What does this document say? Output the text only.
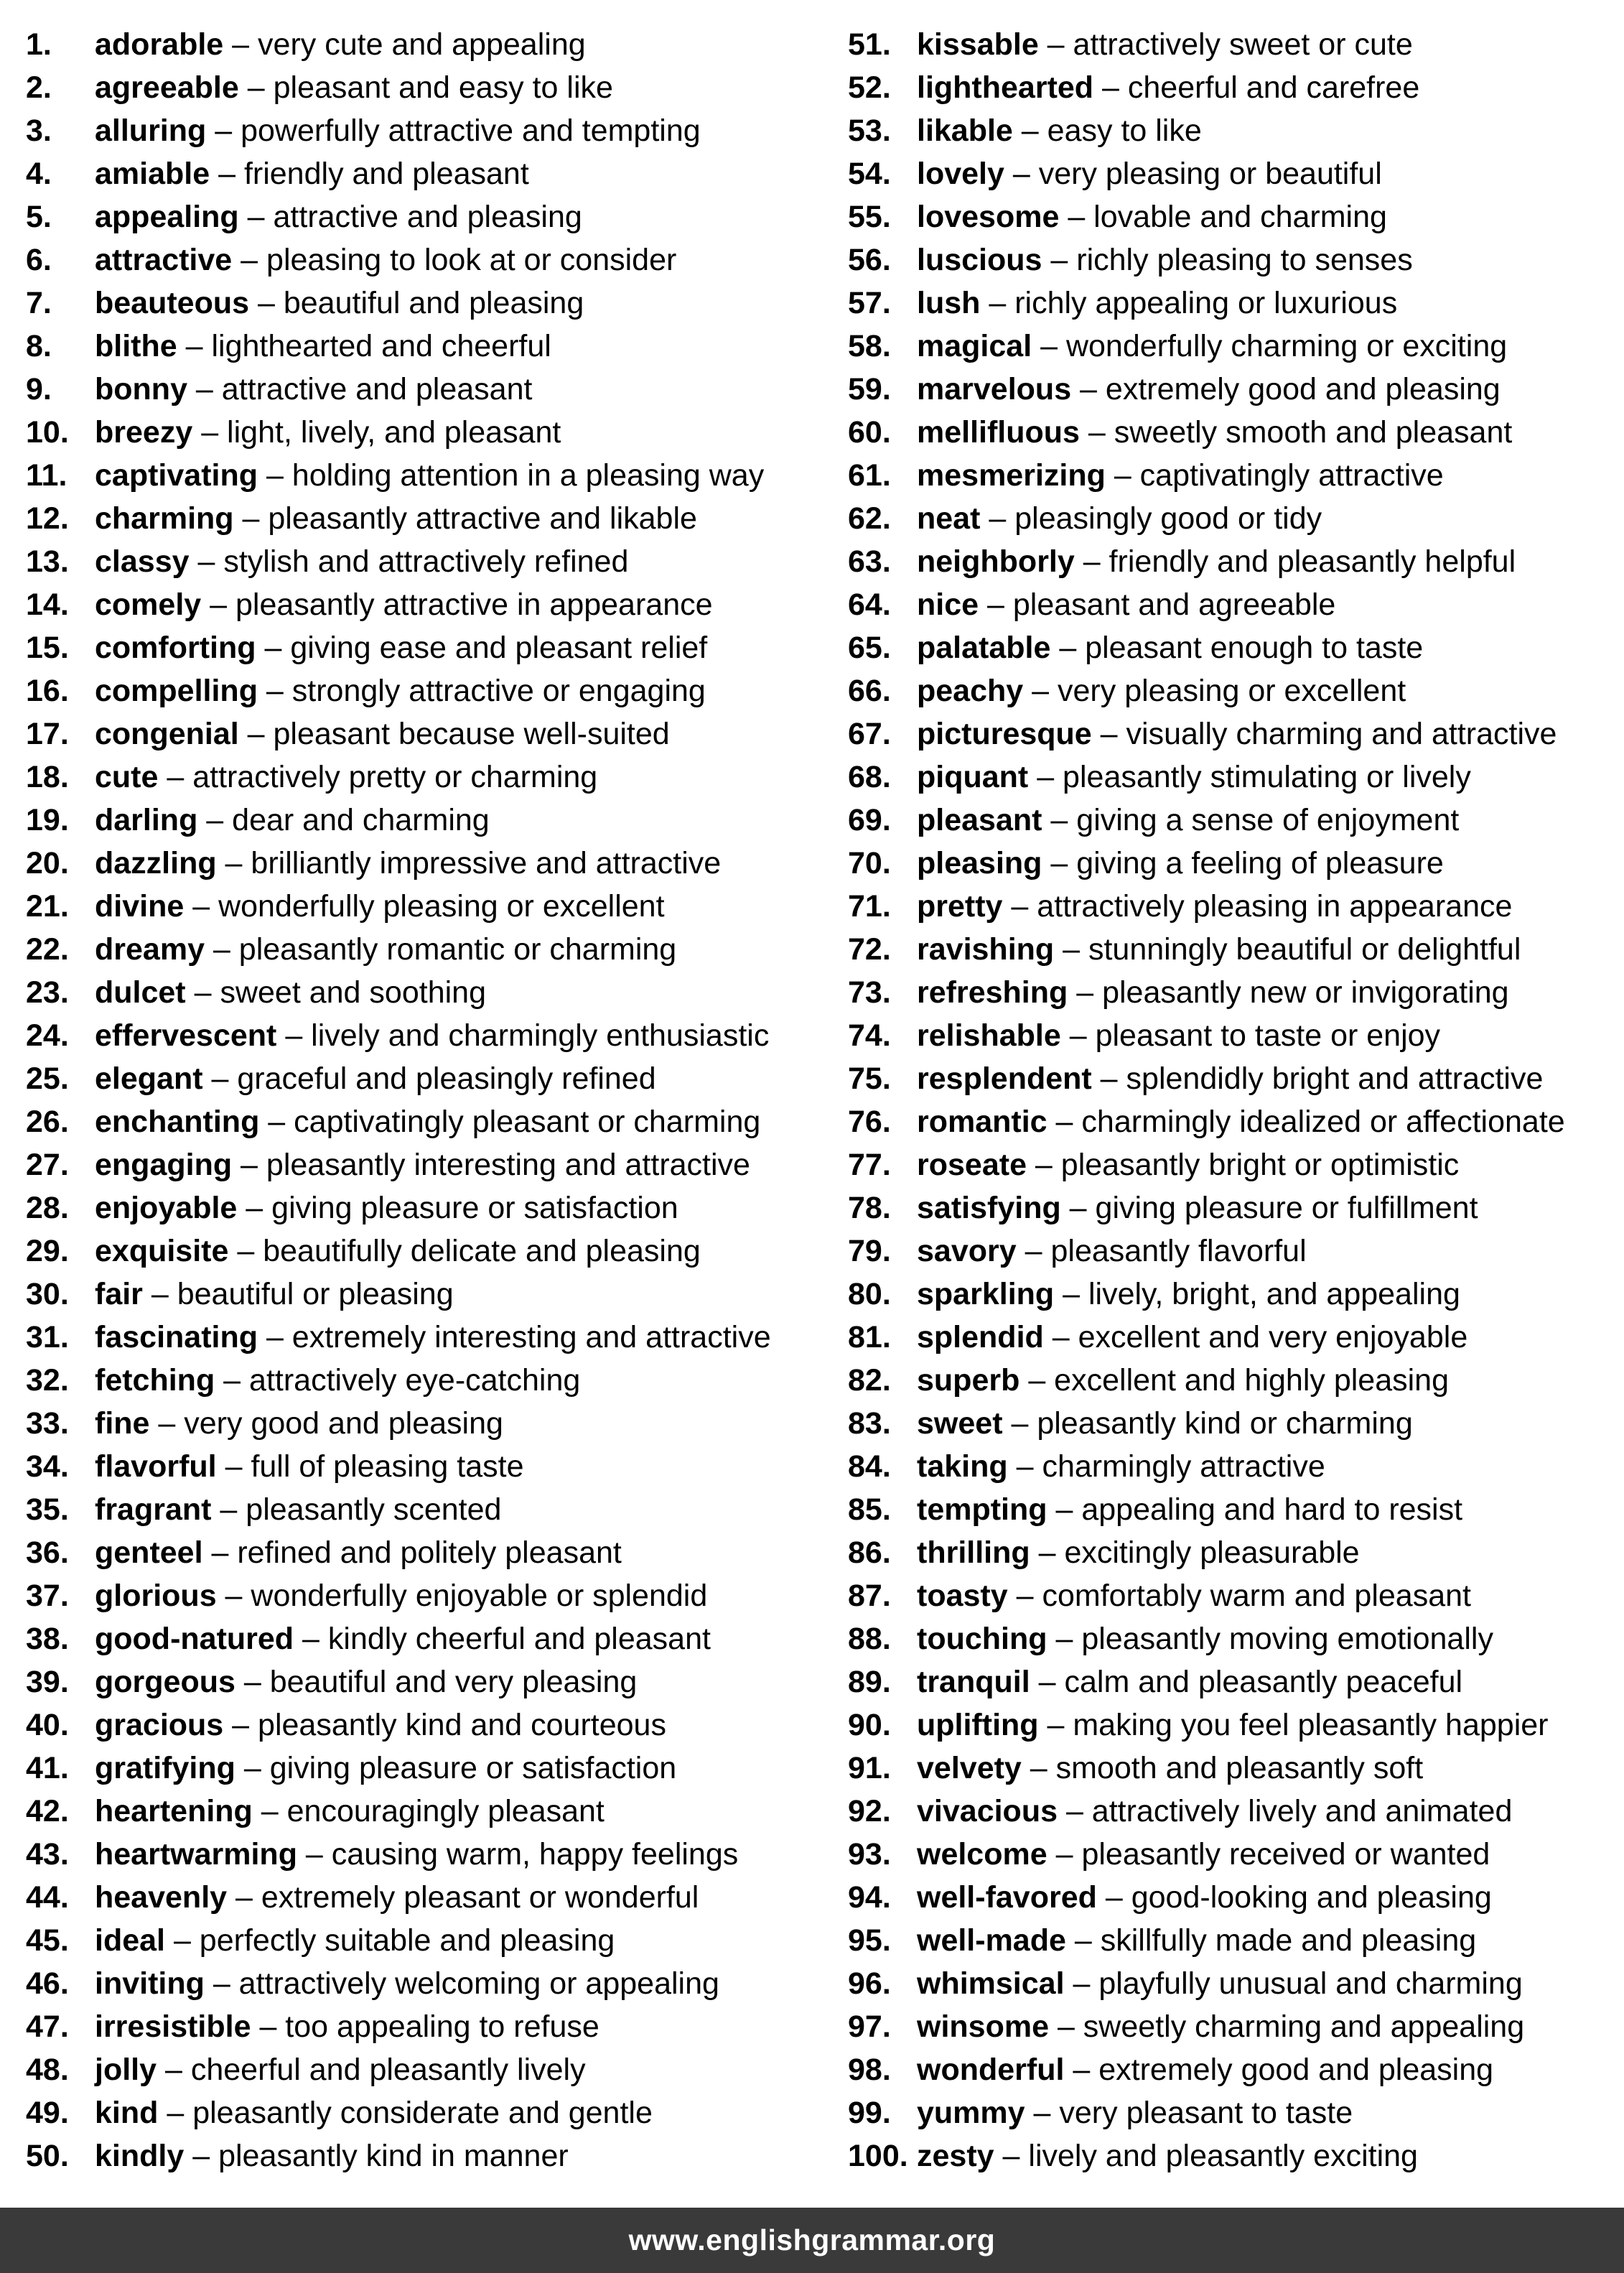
1.	adorable – very cute and appealing
2.	agreeable – pleasant and easy to like
3.	alluring – powerfully attractive and tempting
4.	amiable – friendly and pleasant
5.	appealing – attractive and pleasing
6.	attractive – pleasing to look at or consider
7.	beauteous – beautiful and pleasing
8.	blithe – lighthearted and cheerful
9.	bonny – attractive and pleasant
10. breezy – light, lively, and pleasant
11. captivating – holding attention in a pleasing way
12. charming – pleasantly attractive and likable
13. classy – stylish and attractively refined
14. comely – pleasantly attractive in appearance
15. comforting – giving ease and pleasant relief
16. compelling – strongly attractive or engaging
17. congenial – pleasant because well-suited
18. cute – attractively pretty or charming
19. darling – dear and charming
20. dazzling – brilliantly impressive and attractive
21. divine – wonderfully pleasing or excellent
22. dreamy – pleasantly romantic or charming
23. dulcet – sweet and soothing
24. effervescent – lively and charmingly enthusiastic
25. elegant – graceful and pleasingly refined
26. enchanting – captivatingly pleasant or charming
27. engaging – pleasantly interesting and attractive
28. enjoyable – giving pleasure or satisfaction
29. exquisite – beautifully delicate and pleasing
30. fair – beautiful or pleasing
31. fascinating – extremely interesting and attractive
32. fetching – attractively eye-catching
33. fine – very good and pleasing
34. flavorful – full of pleasing taste
35. fragrant – pleasantly scented
36. genteel – refined and politely pleasant
37. glorious – wonderfully enjoyable or splendid
38. good-natured – kindly cheerful and pleasant
39. gorgeous – beautiful and very pleasing
40. gracious – pleasantly kind and courteous
41. gratifying – giving pleasure or satisfaction
42. heartening – encouragingly pleasant
43. heartwarming – causing warm, happy feelings
44. heavenly – extremely pleasant or wonderful
45. ideal – perfectly suitable and pleasing
46. inviting – attractively welcoming or appealing
47. irresistible – too appealing to refuse
48. jolly – cheerful and pleasantly lively
49. kind – pleasantly considerate and gentle
50. kindly – pleasantly kind in manner
51. kissable – attractively sweet or cute
52. lighthearted – cheerful and carefree
53. likable – easy to like
54. lovely – very pleasing or beautiful
55. lovesome – lovable and charming
56. luscious – richly pleasing to senses
57. lush – richly appealing or luxurious
58. magical – wonderfully charming or exciting
59. marvelous – extremely good and pleasing
60. mellifluous – sweetly smooth and pleasant
61. mesmerizing – captivatingly attractive
62. neat – pleasingly good or tidy
63. neighborly – friendly and pleasantly helpful
64. nice – pleasant and agreeable
65. palatable – pleasant enough to taste
66. peachy – very pleasing or excellent
67. picturesque – visually charming and attractive
68. piquant – pleasantly stimulating or lively
69. pleasant – giving a sense of enjoyment
70. pleasing – giving a feeling of pleasure
71. pretty – attractively pleasing in appearance
72. ravishing – stunningly beautiful or delightful
73. refreshing – pleasantly new or invigorating
74. relishable – pleasant to taste or enjoy
75. resplendent – splendidly bright and attractive
76. romantic – charmingly idealized or affectionate
77. roseate – pleasantly bright or optimistic
78. satisfying – giving pleasure or fulfillment
79. savory – pleasantly flavorful
80. sparkling – lively, bright, and appealing
81. splendid – excellent and very enjoyable
82. superb – excellent and highly pleasing
83. sweet – pleasantly kind or charming
84. taking – charmingly attractive
85. tempting – appealing and hard to resist
86. thrilling – excitingly pleasurable
87. toasty – comfortably warm and pleasant
88. touching – pleasantly moving emotionally
89. tranquil – calm and pleasantly peaceful
90. uplifting – making you feel pleasantly happier
91. velvety – smooth and pleasantly soft
92. vivacious – attractively lively and animated
93. welcome – pleasantly received or wanted
94. well-favored – good-looking and pleasing
95. well-made – skillfully made and pleasing
96. whimsical – playfully unusual and charming
97. winsome – sweetly charming and appealing
98. wonderful – extremely good and pleasing
99. yummy – very pleasant to taste
100. zesty – lively and pleasantly exciting
www.englishgrammar.org
